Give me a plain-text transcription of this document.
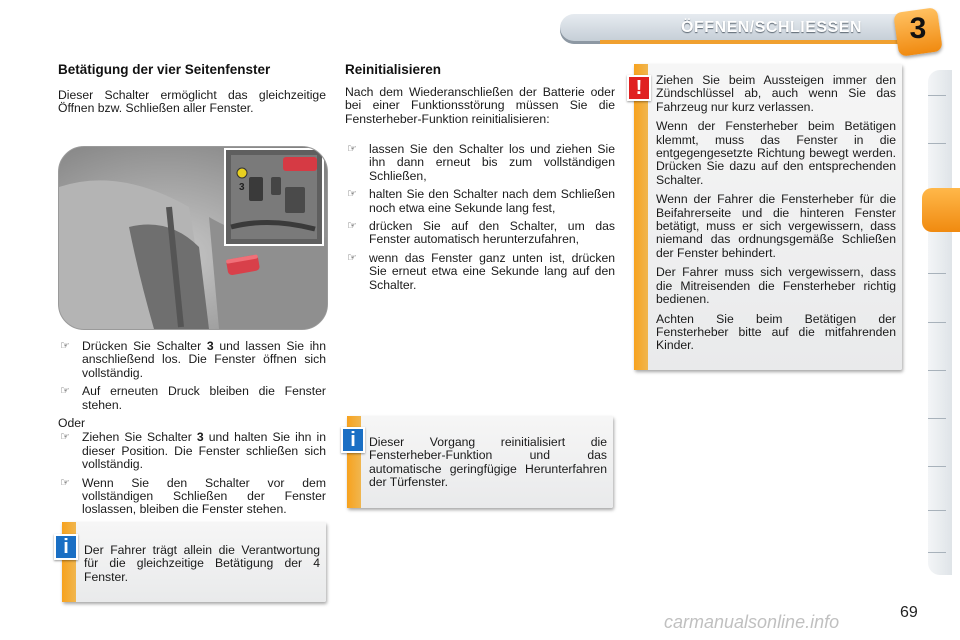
ÖFFNEN/SCHLIESSEN	3
Betätigung der vier Seitenfenster

Dieser Schalter ermöglicht das gleichzeitige Öffnen bzw. Schließen aller Fenster.

3
☞ Drücken Sie Schalter 3 und lassen Sie ihn anschließend los. Die Fenster öffnen sich vollständig.
☞ Auf erneuten Druck bleiben die Fenster stehen.
Oder
☞ Ziehen Sie Schalter 3 und halten Sie ihn in dieser Position. Die Fenster schließen sich vollständig.
☞ Wenn Sie den Schalter vor dem vollständigen Schließen der Fenster loslassen, bleiben die Fenster stehen.

Der Fahrer trägt allein die Verantwortung für die gleichzeitige Betätigung der 4 Fenster.

i
Reinitialisieren

Nach dem Wiederanschließen der Batterie oder bei einer Funktionsstörung müssen Sie die Fensterheber-Funktion reinitialisieren:

☞ lassen Sie den Schalter los und ziehen Sie ihn dann erneut bis zum vollständigen Schließen,
☞ halten Sie den Schalter nach dem Schließen noch etwa eine Sekunde lang fest,
☞ drücken Sie auf den Schalter, um das Fenster automatisch herunterzufahren,
☞ wenn das Fenster ganz unten ist, drücken Sie erneut etwa eine Sekunde lang auf den Schalter.

Dieser Vorgang reinitialisiert die Fensterheber-Funktion und das automatische geringfügige Herunterfahren der Türfenster.

i

Ziehen Sie beim Aussteigen immer den Zündschlüssel ab, auch wenn Sie das Fahrzeug nur kurz verlassen.

Wenn der Fensterheber beim Betätigen klemmt, muss das Fenster in die entgegengesetzte Richtung bewegt werden. Drücken Sie dazu auf den entsprechenden Schalter.

Wenn der Fahrer die Fensterheber für die Beifahrerseite und die hinteren Fenster betätigt, muss er sich vergewissern, dass niemand das ordnungsgemäße Schließen der Fenster behindert.

Der Fahrer muss sich vergewissern, dass die Mitreisenden die Fensterheber richtig bedienen.

Achten Sie beim Betätigen der Fensterheber bitte auf die mitfahrenden Kinder.

!
69
carmanualsonline.info
